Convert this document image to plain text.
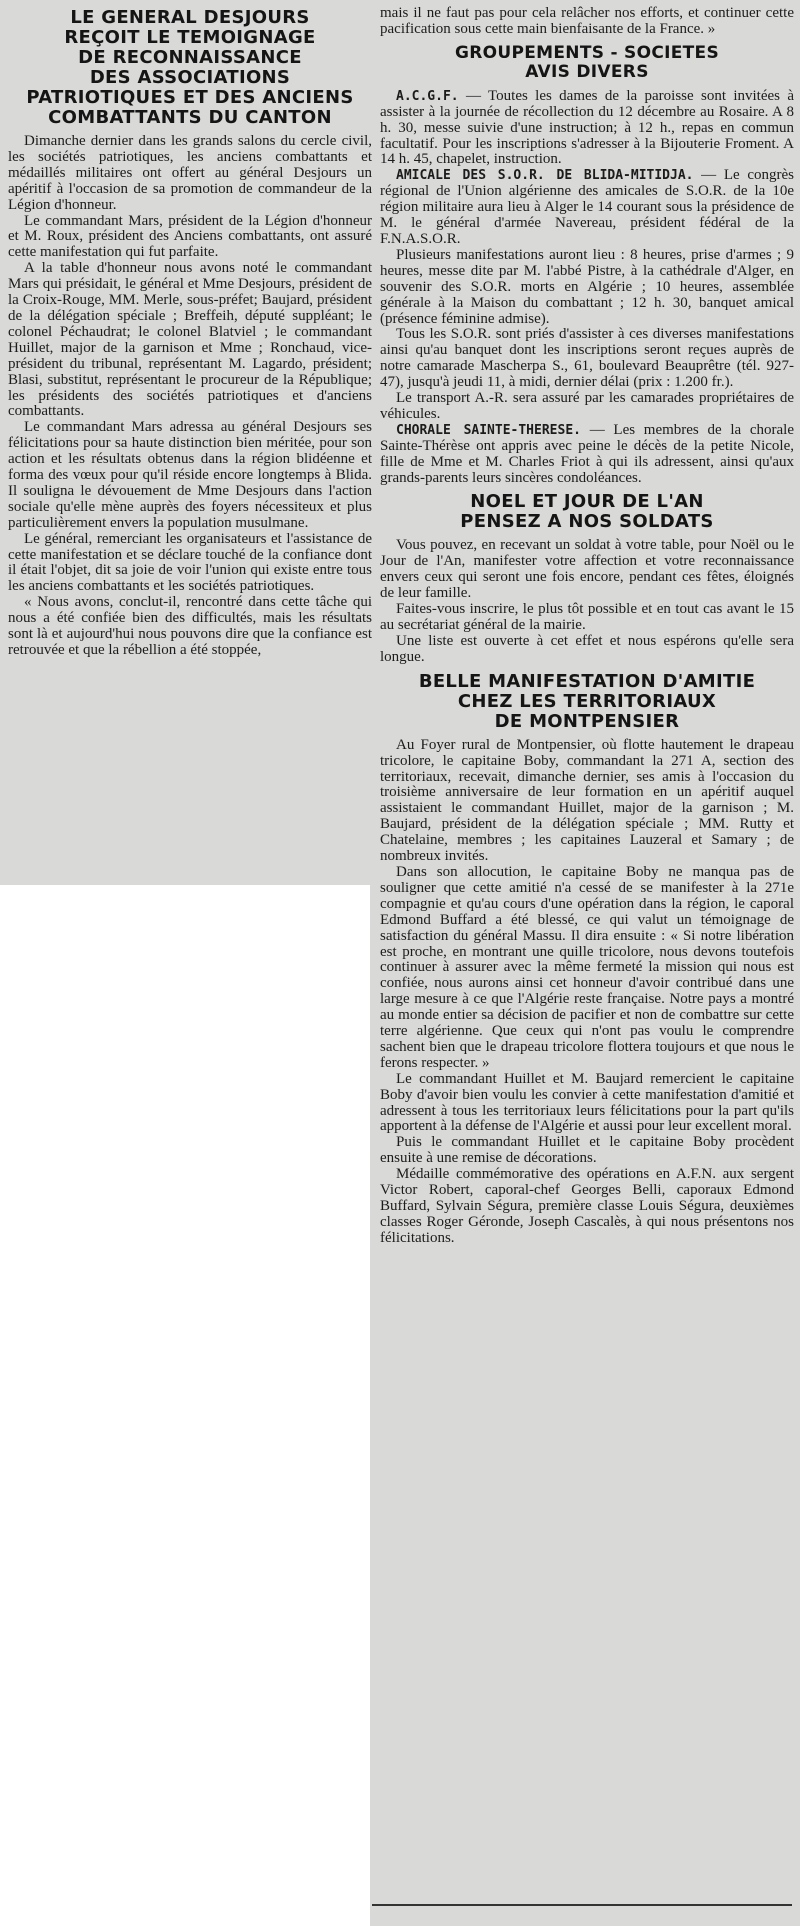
LE GENERAL DESJOURS
REÇOIT LE TEMOIGNAGE
DE RECONNAISSANCE
DES ASSOCIATIONS
PATRIOTIQUES ET DES ANCIENS
COMBATTANTS DU CANTON

Dimanche dernier dans les grands salons du cercle civil, les sociétés patriotiques, les anciens combattants et médaillés militaires ont offert au général Desjours un apéritif à l'occasion de sa promotion de commandeur de la Légion d'honneur.

Le commandant Mars, président de la Légion d'honneur et M. Roux, président des Anciens combattants, ont assuré cette manifestation qui fut parfaite.

A la table d'honneur nous avons noté le commandant Mars qui présidait, le général et Mme Desjours, président de la Croix-Rouge, MM. Merle, sous-préfet; Baujard, président de la délégation spéciale ; Breffeih, député suppléant; le colonel Péchaudrat; le colonel Blatviel ; le commandant Huillet, major de la garnison et Mme ; Ronchaud, vice-président du tribunal, représentant M. Lagardo, président; Blasi, substitut, représentant le procureur de la République; les présidents des sociétés patriotiques et d'anciens combattants.

Le commandant Mars adressa au général Desjours ses félicitations pour sa haute distinction bien méritée, pour son action et les résultats obtenus dans la région blidéenne et forma des vœux pour qu'il réside encore longtemps à Blida. Il souligna le dévouement de Mme Desjours dans l'action sociale qu'elle mène auprès des foyers nécessiteux et plus particulièrement envers la population musulmane.

Le général, remerciant les organisateurs et l'assistance de cette manifestation et se déclare touché de la confiance dont il était l'objet, dit sa joie de voir l'union qui existe entre tous les anciens combattants et les sociétés patriotiques.

« Nous avons, conclut-il, rencontré dans cette tâche qui nous a été confiée bien des difficultés, mais les résultats sont là et aujourd'hui nous pouvons dire que la confiance est retrouvée et que la rébellion a été stoppée,

mais il ne faut pas pour cela relâcher nos efforts, et continuer cette pacification sous cette main bienfaisante de la France. »

GROUPEMENTS - SOCIETES
AVIS DIVERS

A.C.G.F. — Toutes les dames de la paroisse sont invitées à assister à la journée de récollection du 12 décembre au Rosaire. A 8 h. 30, messe suivie d'une instruction; à 12 h., repas en commun facultatif. Pour les inscriptions s'adresser à la Bijouterie Froment. A 14 h. 45, chapelet, instruction.

AMICALE DES S.O.R. DE BLIDA-MITIDJA. — Le congrès régional de l'Union algérienne des amicales de S.O.R. de la 10e région militaire aura lieu à Alger le 14 courant sous la présidence de M. le général d'armée Navereau, président fédéral de la F.N.A.S.O.R.

Plusieurs manifestations auront lieu : 8 heures, prise d'armes ; 9 heures, messe dite par M. l'abbé Pistre, à la cathédrale d'Alger, en souvenir des S.O.R. morts en Algérie ; 10 heures, assemblée générale à la Maison du combattant ; 12 h. 30, banquet amical (présence féminine admise).

Tous les S.O.R. sont priés d'assister à ces diverses manifestations ainsi qu'au banquet dont les inscriptions seront reçues auprès de notre camarade Mascherpa S., 61, boulevard Beauprêtre (tél. 927-47), jusqu'à jeudi 11, à midi, dernier délai (prix : 1.200 fr.).

Le transport A.-R. sera assuré par les camarades propriétaires de véhicules.

CHORALE SAINTE-THERESE. — Les membres de la chorale Sainte-Thérèse ont appris avec peine le décès de la petite Nicole, fille de Mme et M. Charles Friot à qui ils adressent, ainsi qu'aux grands-parents leurs sincères condoléances.

NOEL ET JOUR DE L'AN
PENSEZ A NOS SOLDATS

Vous pouvez, en recevant un soldat à votre table, pour Noël ou le Jour de l'An, manifester votre affection et votre reconnaissance envers ceux qui seront une fois encore, pendant ces fêtes, éloignés de leur famille.

Faites-vous inscrire, le plus tôt possible et en tout cas avant le 15 au secrétariat général de la mairie.

Une liste est ouverte à cet effet et nous espérons qu'elle sera longue.

BELLE MANIFESTATION D'AMITIE
CHEZ LES TERRITORIAUX
DE MONTPENSIER

Au Foyer rural de Montpensier, où flotte hautement le drapeau tricolore, le capitaine Boby, commandant la 271 A, section des territoriaux, recevait, dimanche dernier, ses amis à l'occasion du troisième anniversaire de leur formation en un apéritif auquel assistaient le commandant Huillet, major de la garnison ; M. Baujard, président de la délégation spéciale ; MM. Rutty et Chatelaine, membres ; les capitaines Lauzeral et Samary ; de nombreux invités.

Dans son allocution, le capitaine Boby ne manqua pas de souligner que cette amitié n'a cessé de se manifester à la 271e compagnie et qu'au cours d'une opération dans la région, le caporal Edmond Buffard a été blessé, ce qui valut un témoignage de satisfaction du général Massu. Il dira ensuite : « Si notre libération est proche, en montrant une quille tricolore, nous devons toutefois continuer à assurer avec la même fermeté la mission qui nous est confiée, nous aurons ainsi cet honneur d'avoir contribué dans une large mesure à ce que l'Algérie reste française. Notre pays a montré au monde entier sa décision de pacifier et non de combattre sur cette terre algérienne. Que ceux qui n'ont pas voulu le comprendre sachent bien que le drapeau tricolore flottera toujours et que nous le ferons respecter. »

Le commandant Huillet et M. Baujard remercient le capitaine Boby d'avoir bien voulu les convier à cette manifestation d'amitié et adressent à tous les territoriaux leurs félicitations pour la part qu'ils apportent à la défense de l'Algérie et aussi pour leur excellent moral.

Puis le commandant Huillet et le capitaine Boby procèdent ensuite à une remise de décorations.

Médaille commémorative des opérations en A.F.N. aux sergent Victor Robert, caporal-chef Georges Belli, caporaux Edmond Buffard, Sylvain Ségura, première classe Louis Ségura, deuxièmes classes Roger Géronde, Joseph Cascalès, à qui nous présentons nos félicitations.
